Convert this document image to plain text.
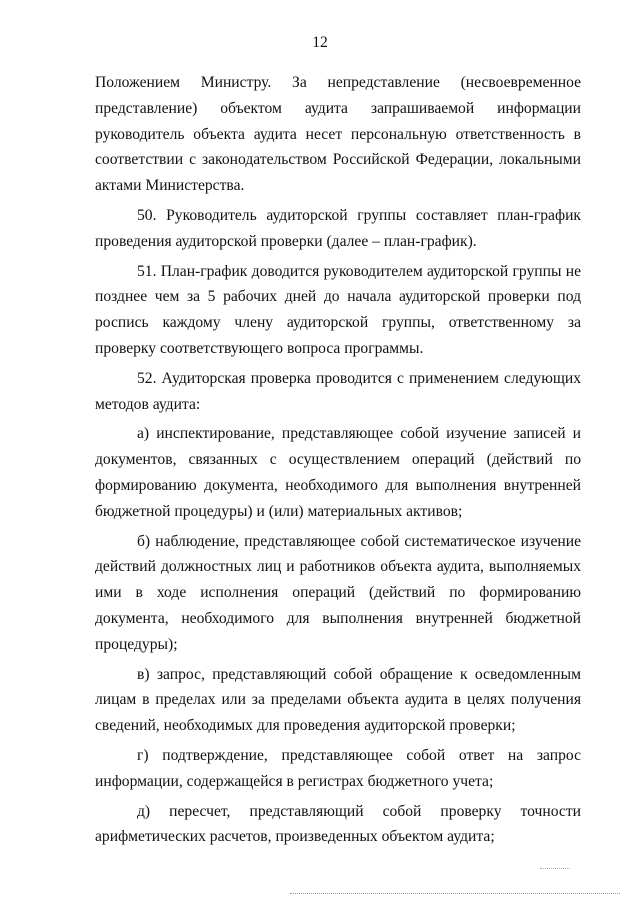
12

Положением Министру. За непредставление (несвоевременное представление) объектом аудита запрашиваемой информации руководитель объекта аудита несет персональную ответственность в соответствии с законодательством Российской Федерации, локальными актами Министерства.

50. Руководитель аудиторской группы составляет план-график проведения аудиторской проверки (далее – план-график).

51. План-график доводится руководителем аудиторской группы не позднее чем за 5 рабочих дней до начала аудиторской проверки под роспись каждому члену аудиторской группы, ответственному за проверку соответствующего вопроса программы.

52. Аудиторская проверка проводится с применением следующих методов аудита:

а) инспектирование, представляющее собой изучение записей и документов, связанных с осуществлением операций (действий по формированию документа, необходимого для выполнения внутренней бюджетной процедуры) и (или) материальных активов;

б) наблюдение, представляющее собой систематическое изучение действий должностных лиц и работников объекта аудита, выполняемых ими в ходе исполнения операций (действий по формированию документа, необходимого для выполнения внутренней бюджетной процедуры);

в) запрос, представляющий собой обращение к осведомленным лицам в пределах или за пределами объекта аудита в целях получения сведений, необходимых для проведения аудиторской проверки;

г) подтверждение, представляющее собой ответ на запрос информации, содержащейся в регистрах бюджетного учета;

д) пересчет, представляющий собой проверку точности арифметических расчетов, произведенных объектом аудита;
